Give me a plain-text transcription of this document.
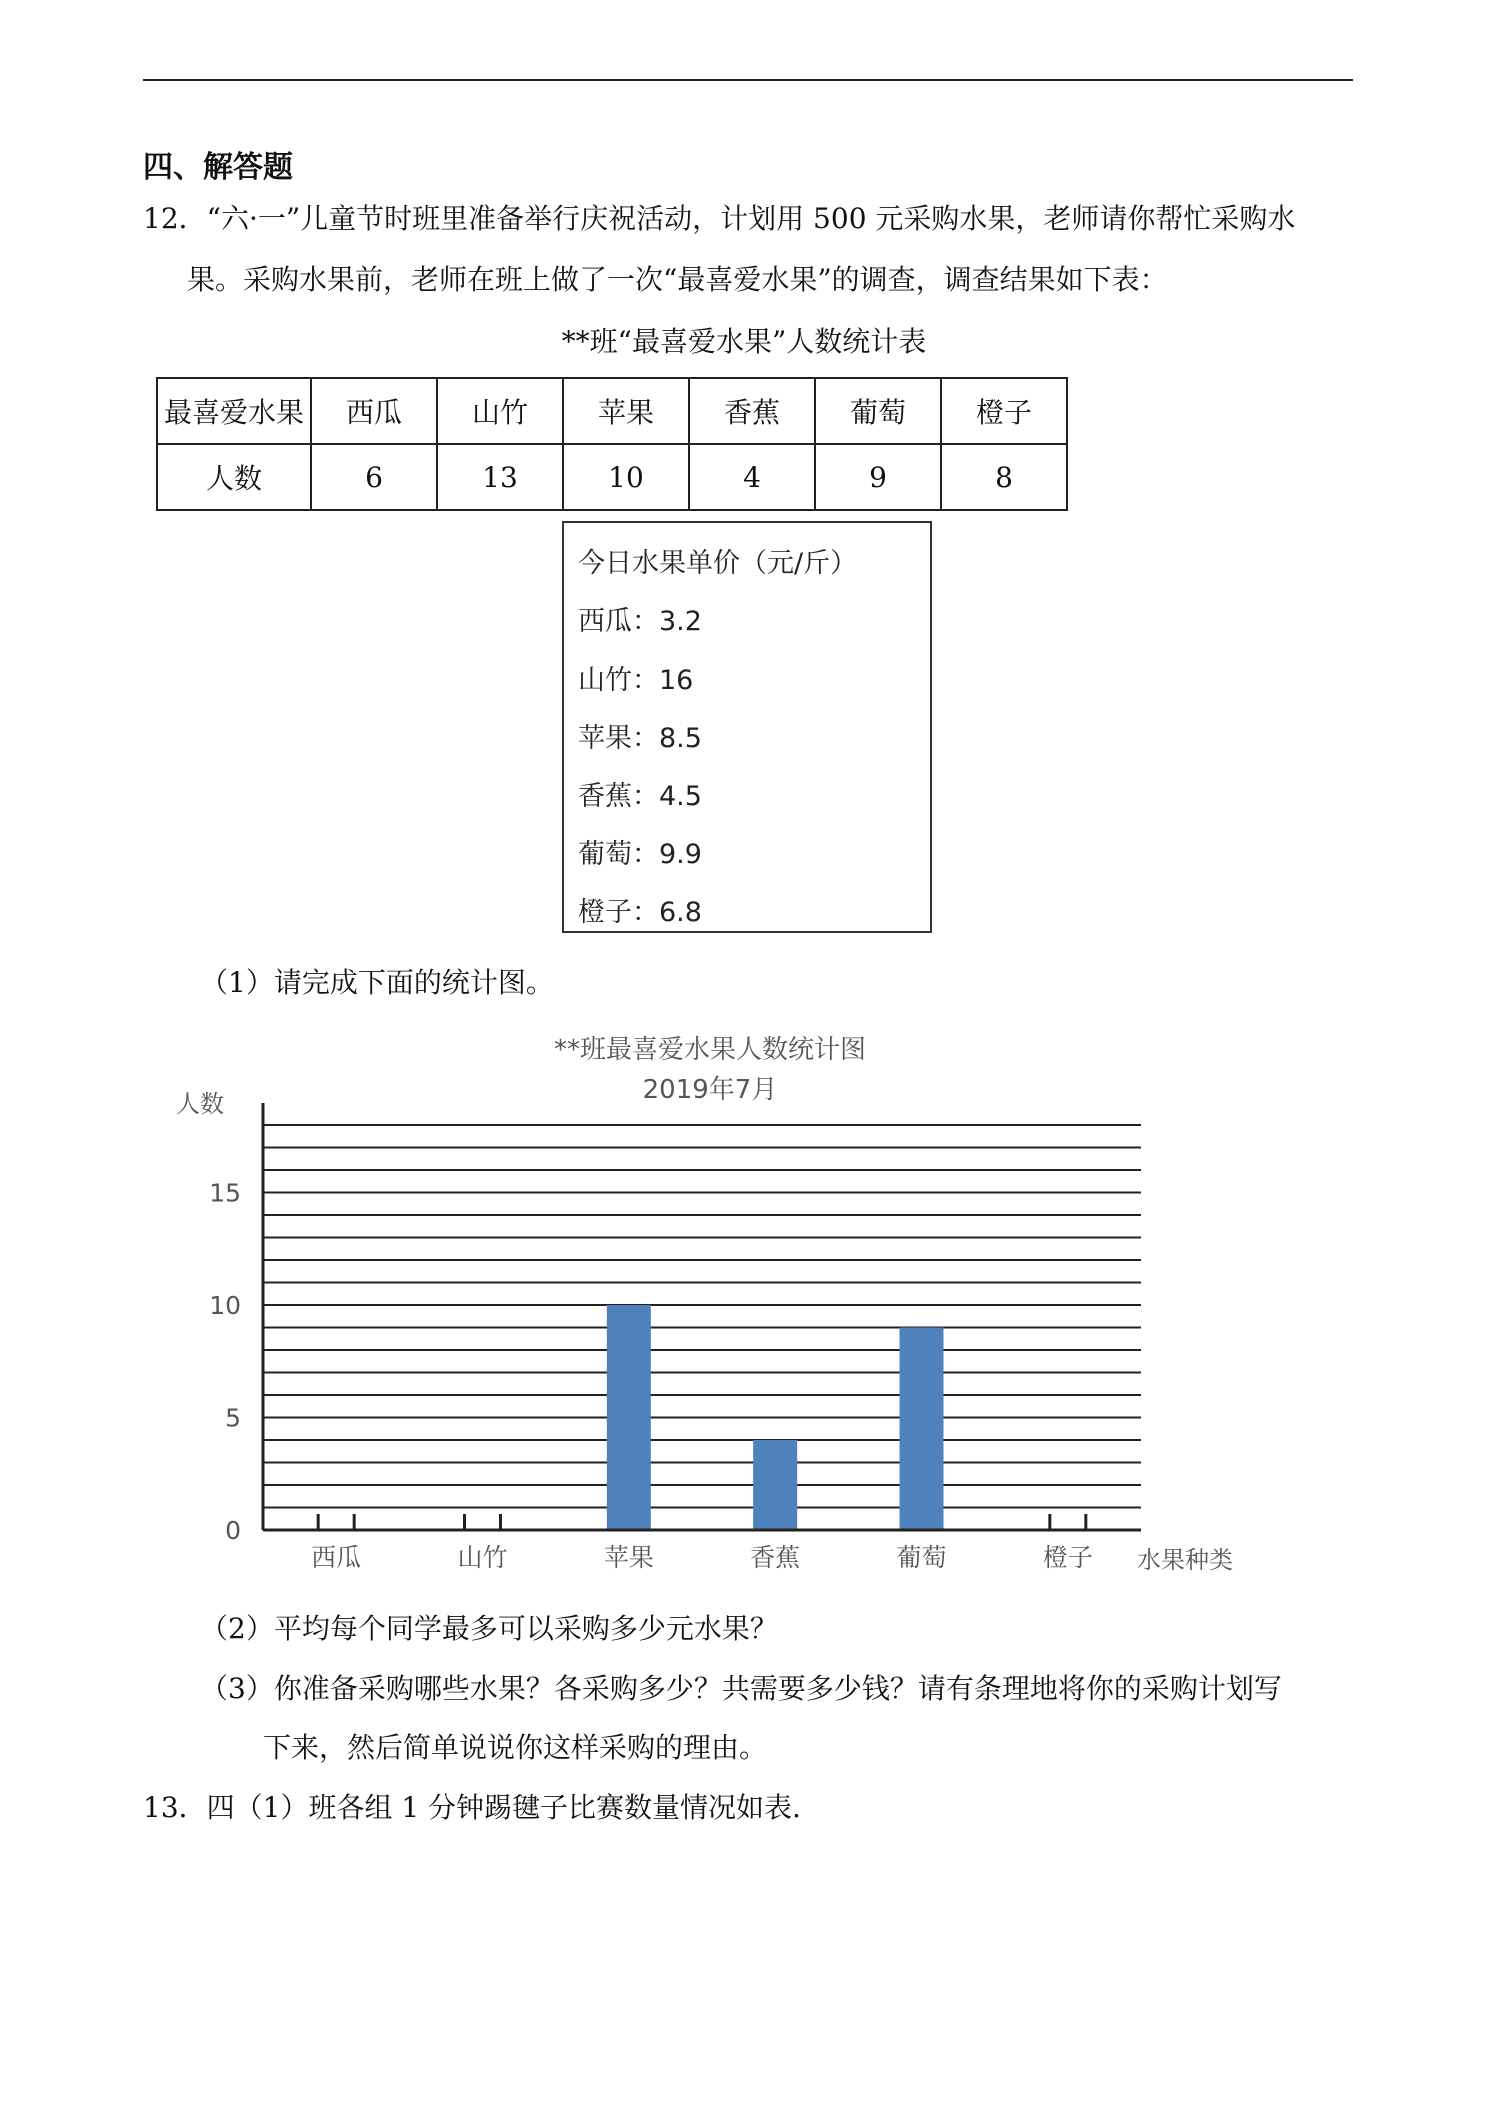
四、解答题
12．“六·一”儿童节时班里准备举行庆祝活动，计划用 500 元采购水果，老师请你帮忙采购水
果。采购水果前，老师在班上做了一次“最喜爱水果”的调查，调查结果如下表：
**班“最喜爱水果”人数统计表
最喜爱水果	西瓜	山竹	苹果	香蕉	葡萄	橙子
人数	6	13	10	4	9	8
今日水果单价（元/斤）
西瓜：3.2
山竹：16
苹果：8.5
香蕉：4.5
葡萄：9.9
橙子：6.8
（1）请完成下面的统计图。
**班最喜爱水果人数统计图
2019年7月
人数
水果种类
0
5
10
15
西瓜	山竹	苹果	香蕉	葡萄	橙子
（2）平均每个同学最多可以采购多少元水果？
（3）你准备采购哪些水果？各采购多少？共需要多少钱？请有条理地将你的采购计划写
下来，然后简单说说你这样采购的理由。
13．四（1）班各组 1 分钟踢毽子比赛数量情况如表.
